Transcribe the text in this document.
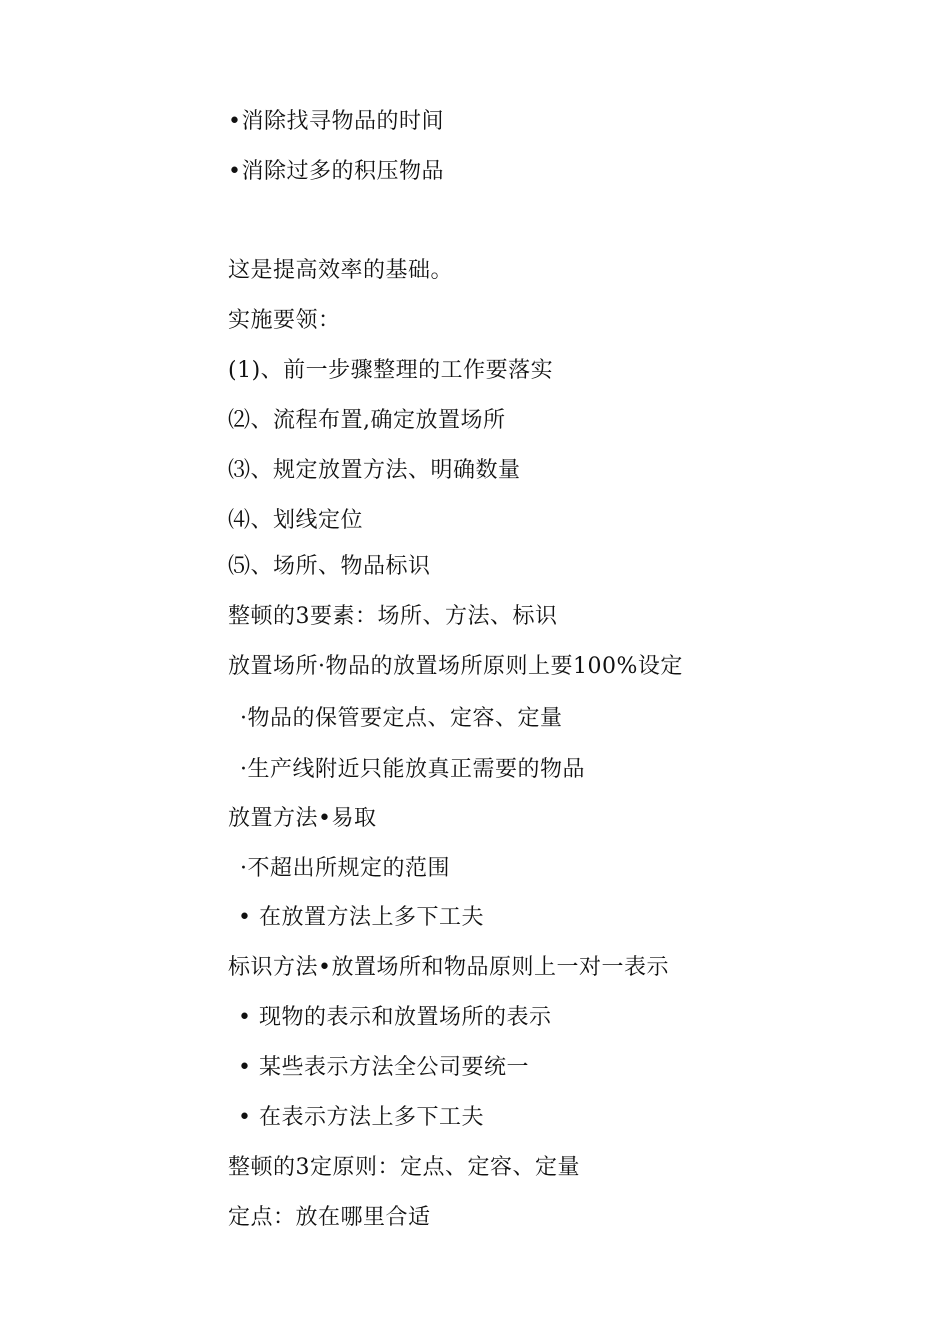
•消除找寻物品的时间
•消除过多的积压物品
这是提高效率的基础。
实施要领：
(1)、前一步骤整理的工作要落实
⑵、流程布置,确定放置场所
⑶、规定放置方法、明确数量
⑷、划线定位
⑸、场所、物品标识
整顿的3要素：场所、方法、标识
放置场所·物品的放置场所原则上要100%设定
·物品的保管要定点、定容、定量
·生产线附近只能放真正需要的物品
放置方法•易取
·不超出所规定的范围
• 在放置方法上多下工夫
标识方法•放置场所和物品原则上一对一表示
• 现物的表示和放置场所的表示
• 某些表示方法全公司要统一
• 在表示方法上多下工夫
整顿的3定原则：定点、定容、定量
定点：放在哪里合适
